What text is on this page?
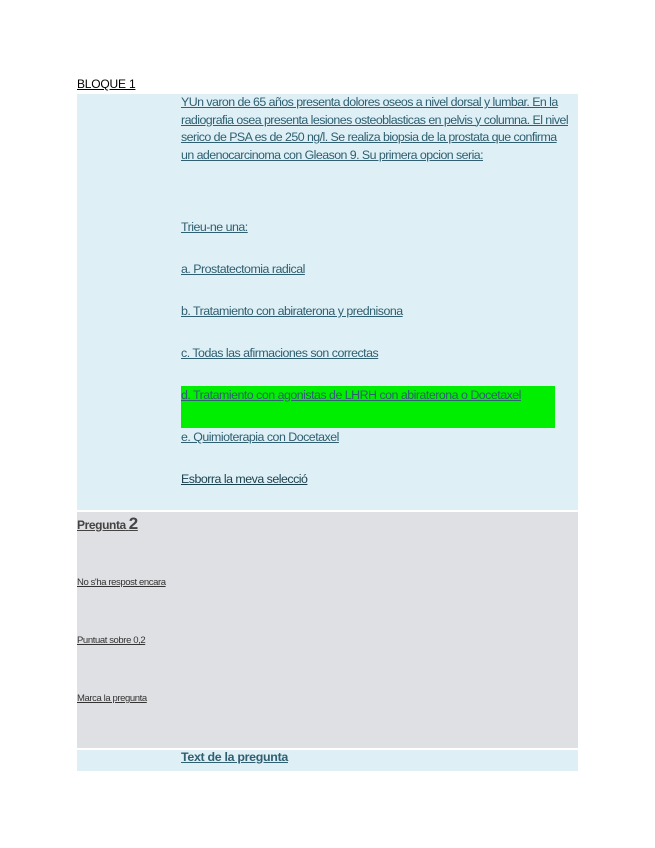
BLOQUE 1
YUn varon de 65 años presenta dolores oseos a nivel dorsal y lumbar. En la radiografia osea presenta lesiones osteoblasticas en pelvis y columna. El nivel serico de PSA es de 250 ng/l. Se realiza biopsia de la prostata que confirma un adenocarcinoma con Gleason 9. Su primera opcion seria:
Trieu-ne una:
a. Prostatectomia radical
b. Tratamiento con abiraterona y prednisona
c. Todas las afirmaciones son correctas
d. Tratamiento con agonistas de LHRH con abiraterona o Docetaxel
e. Quimioterapia con Docetaxel
Esborra la meva selecció
Pregunta 2
No s'ha respost encara
Puntuat sobre 0,2
Marca la pregunta
Text de la pregunta
